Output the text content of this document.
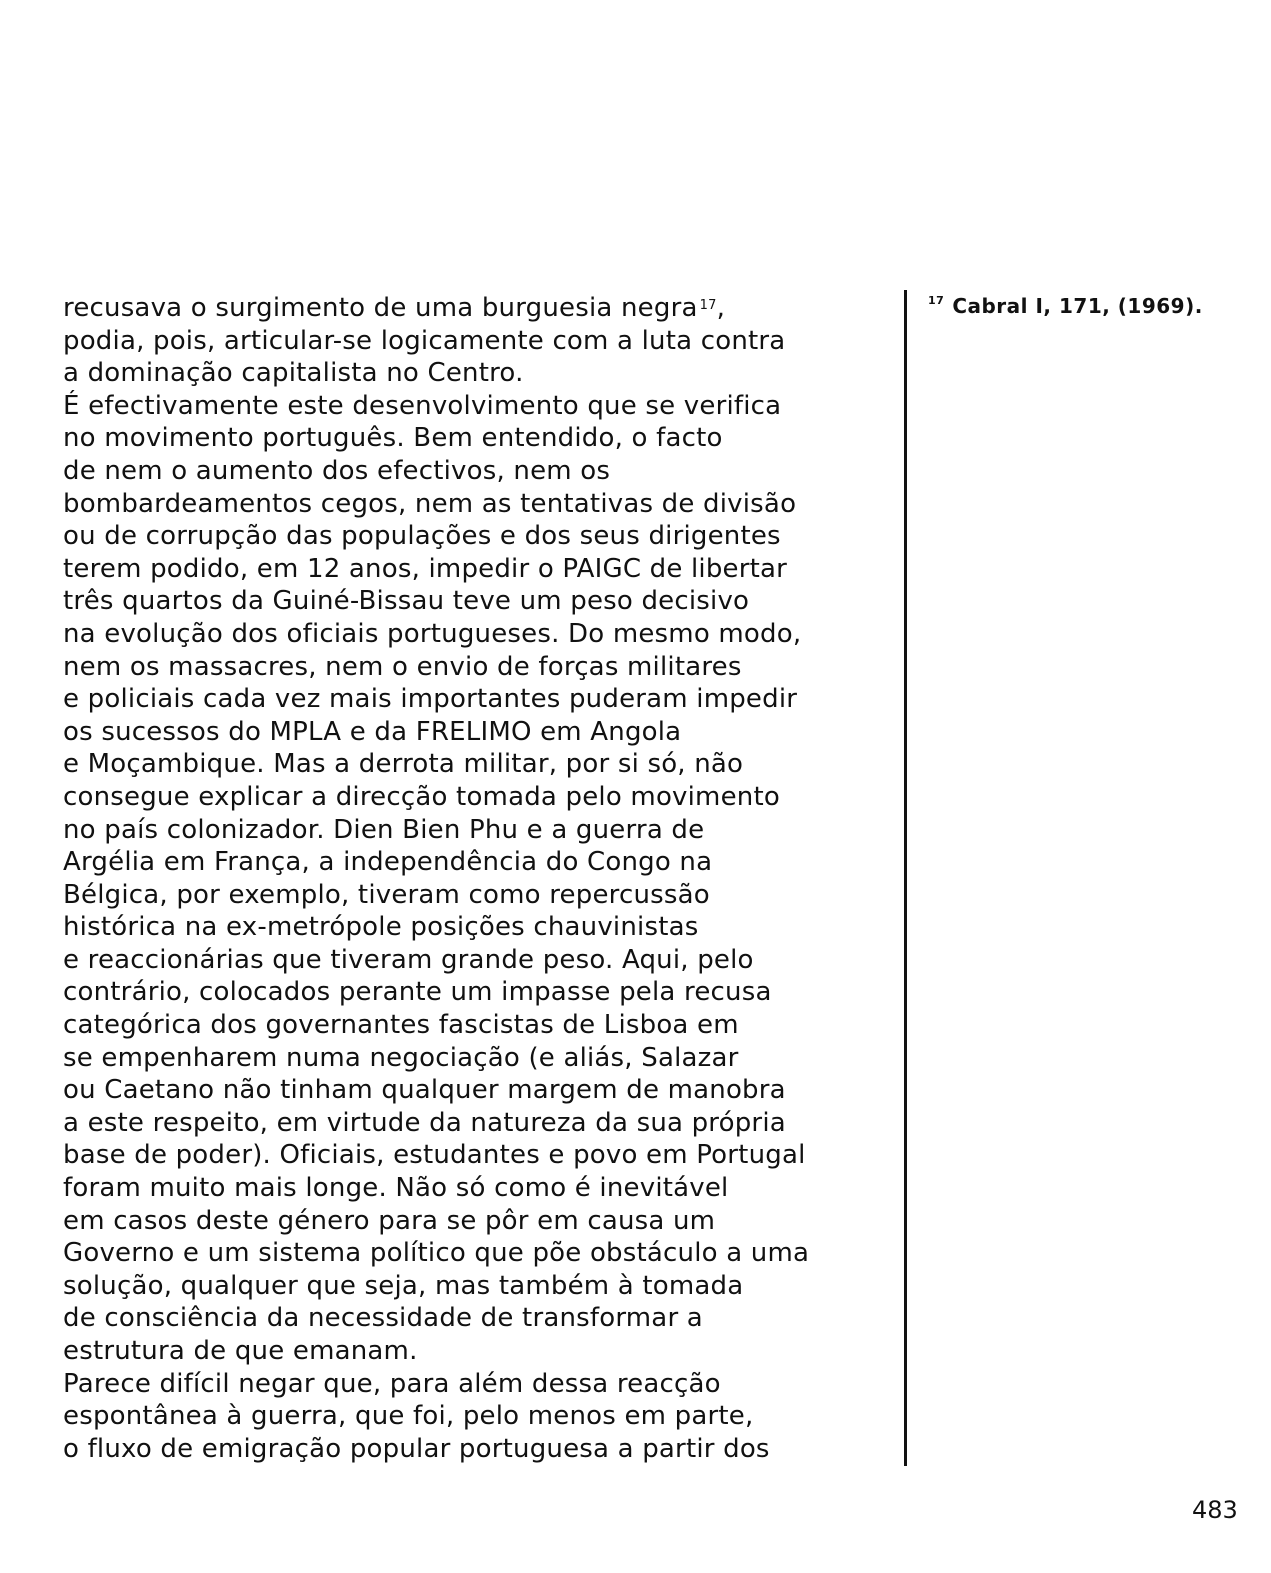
recusava o surgimento de uma burguesia negra $^{17}$,
podia, pois, articular-se logicamente com a luta contra
a dominação capitalista no Centro.
É efectivamente este desenvolvimento que se verifica
no movimento português. Bem entendido, o facto
de nem o aumento dos efectivos, nem os
bombardeamentos cegos, nem as tentativas de divisão
ou de corrupção das populações e dos seus dirigentes
terem podido, em 12 anos, impedir o PAIGC de libertar
três quartos da Guiné-Bissau teve um peso decisivo
na evolução dos oficiais portugueses. Do mesmo modo,
nem os massacres, nem o envio de forças militares
e policiais cada vez mais importantes puderam impedir
os sucessos do MPLA e da FRELIMO em Angola
e Moçambique. Mas a derrota militar, por si só, não
consegue explicar a direcção tomada pelo movimento
no país colonizador. Dien Bien Phu e a guerra de
Argélia em França, a independência do Congo na
Bélgica, por exemplo, tiveram como repercussão
histórica na ex-metrópole posições chauvinistas
e reaccionárias que tiveram grande peso. Aqui, pelo
contrário, colocados perante um impasse pela recusa
categórica dos governantes fascistas de Lisboa em
se empenharem numa negociação (e aliás, Salazar
ou Caetano não tinham qualquer margem de manobra
a este respeito, em virtude da natureza da sua própria
base de poder). Oficiais, estudantes e povo em Portugal
foram muito mais longe. Não só como é inevitável
em casos deste género para se pôr em causa um
Governo e um sistema político que põe obstáculo a uma
solução, qualquer que seja, mas também à tomada
de consciência da necessidade de transformar a
estrutura de que emanam.
Parece difícil negar que, para além dessa reacção
espontânea à guerra, que foi, pelo menos em parte,
o fluxo de emigração popular portuguesa a partir dos
$^{17}$ Cabral I, 171, (1969).
483
